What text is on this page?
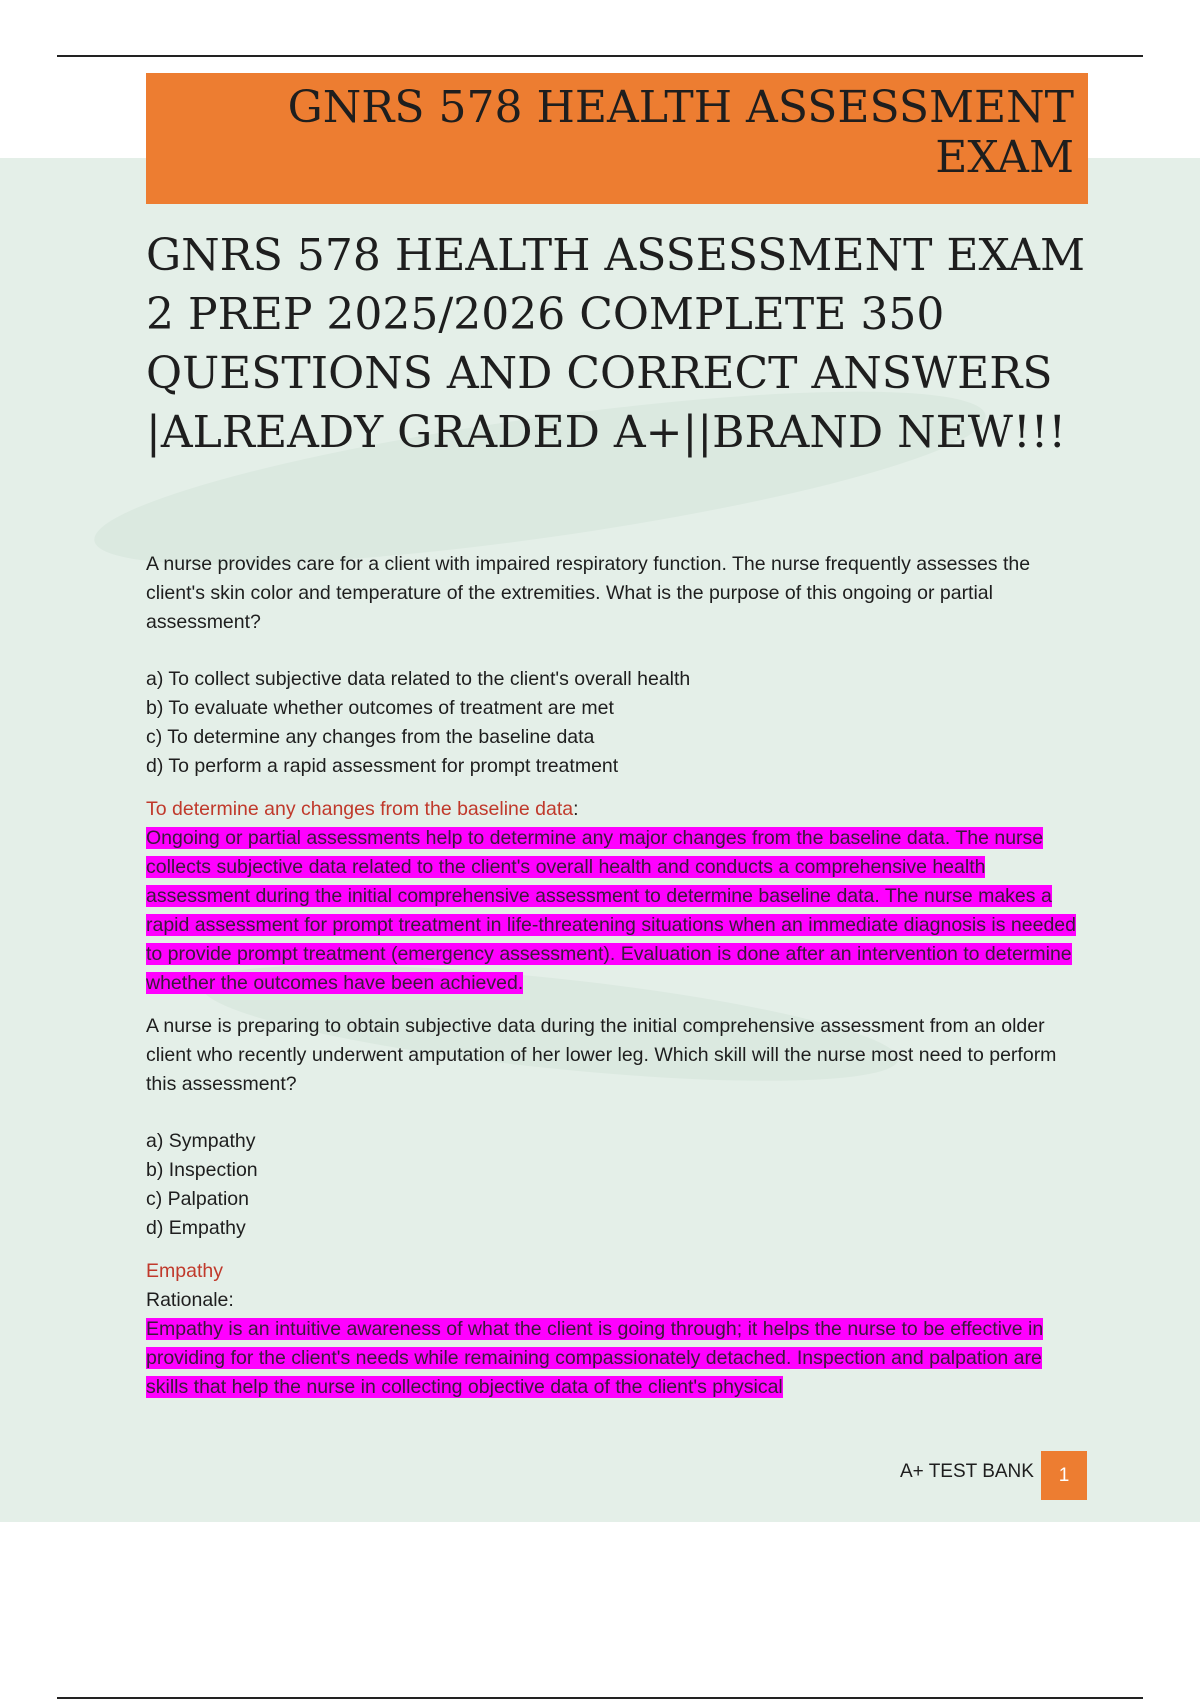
GNRS 578 HEALTH ASSESSMENT
EXAM
GNRS 578 HEALTH ASSESSMENT EXAM
2 PREP 2025/2026 COMPLETE 350
QUESTIONS AND CORRECT ANSWERS
|ALREADY GRADED A+||BRAND NEW!!!

A nurse provides care for a client with impaired respiratory function. The nurse frequently assesses the client's skin color and temperature of the extremities. What is the purpose of this ongoing or partial assessment?

a) To collect subjective data related to the client's overall health
b) To evaluate whether outcomes of treatment are met
c) To determine any changes from the baseline data
d) To perform a rapid assessment for prompt treatment

To determine any changes from the baseline data:

Ongoing or partial assessments help to determine any major changes from the baseline data. The nurse collects subjective data related to the client's overall health and conducts a comprehensive health assessment during the initial comprehensive assessment to determine baseline data. The nurse makes a rapid assessment for prompt treatment in life-threatening situations when an immediate diagnosis is needed to provide prompt treatment (emergency assessment). Evaluation is done after an intervention to determine whether the outcomes have been achieved.

A nurse is preparing to obtain subjective data during the initial comprehensive assessment from an older client who recently underwent amputation of her lower leg. Which skill will the nurse most need to perform this assessment?

a) Sympathy
b) Inspection
c) Palpation
d) Empathy

Empathy

Rationale:

Empathy is an intuitive awareness of what the client is going through; it helps the nurse to be effective in providing for the client's needs while remaining compassionately detached. Inspection and palpation are skills that help the nurse in collecting objective data of the client's physical

A+ TEST BANK	1
